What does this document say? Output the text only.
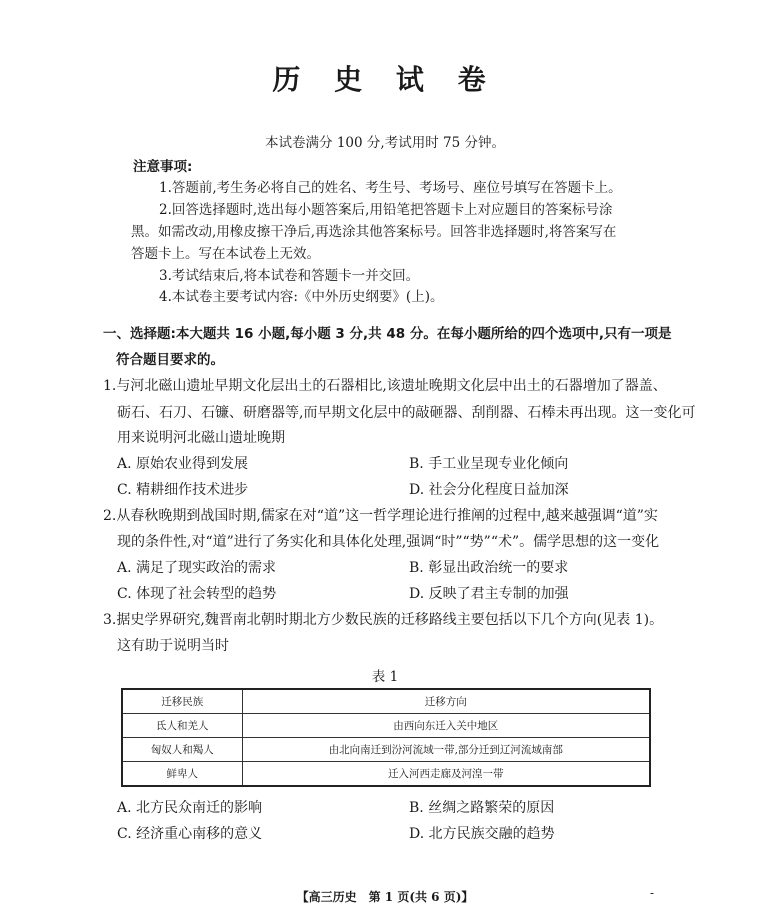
历 史 试 卷
本试卷满分 100 分,考试用时 75 分钟。
注意事项:
1.答题前,考生务必将自己的姓名、考生号、考场号、座位号填写在答题卡上。
2.回答选择题时,选出每小题答案后,用铅笔把答题卡上对应题目的答案标号涂
黑。如需改动,用橡皮擦干净后,再选涂其他答案标号。回答非选择题时,将答案写在
答题卡上。写在本试卷上无效。
3.考试结束后,将本试卷和答题卡一并交回。
4.本试卷主要考试内容:《中外历史纲要》(上)。
一、选择题:本大题共 16 小题,每小题 3 分,共 48 分。在每小题所给的四个选项中,只有一项是
符合题目要求的。
1.与河北磁山遗址早期文化层出土的石器相比,该遗址晚期文化层中出土的石器增加了器盖、
砺石、石刀、石镰、研磨器等,而早期文化层中的敲砸器、刮削器、石棒未再出现。这一变化可
用来说明河北磁山遗址晚期
A. 原始农业得到发展	B. 手工业呈现专业化倾向
C. 精耕细作技术进步	D. 社会分化程度日益加深
2.从春秋晚期到战国时期,儒家在对“道”这一哲学理论进行推阐的过程中,越来越强调“道”实
现的条件性,对“道”进行了务实化和具体化处理,强调“时”“势”“术”。儒学思想的这一变化
A. 满足了现实政治的需求	B. 彰显出政治统一的要求
C. 体现了社会转型的趋势	D. 反映了君主专制的加强
3.据史学界研究,魏晋南北朝时期北方少数民族的迁移路线主要包括以下几个方向(见表 1)。
这有助于说明当时
表 1
迁移民族	迁移方向
氐人和羌人	由西向东迁入关中地区
匈奴人和羯人	由北向南迁到汾河流域一带,部分迁到辽河流域南部
鲜卑人	迁入河西走廊及河湟一带
A. 北方民众南迁的影响	B. 丝绸之路繁荣的原因
C. 经济重心南移的意义	D. 北方民族交融的趋势
【高三历史　第 1 页(共 6 页)】	-
